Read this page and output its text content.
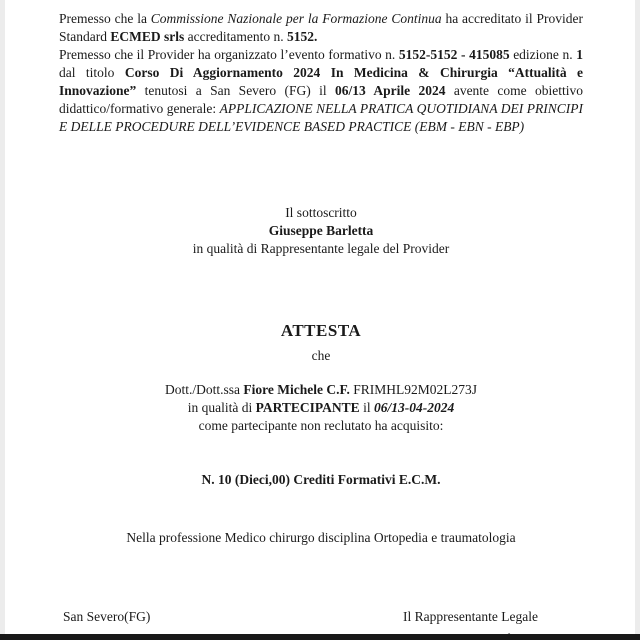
Premesso che la Commissione Nazionale per la Formazione Continua ha accreditato il Provider Standard ECMED srls accreditamento n. 5152.
Premesso che il Provider ha organizzato l’evento formativo n. 5152-5152 - 415085 edizione n. 1 dal titolo Corso Di Aggiornamento 2024 In Medicina & Chirurgia “Attualità e Innovazione” tenutosi a San Severo (FG) il 06/13 Aprile 2024 avente come obiettivo didattico/formativo generale: APPLICAZIONE NELLA PRATICA QUOTIDIANA DEI PRINCIPI E DELLE PROCEDURE DELL’EVIDENCE BASED PRACTICE (EBM - EBN - EBP)
Il sottoscritto
Giuseppe Barletta
in qualità di Rappresentante legale del Provider
ATTESTA
che
Dott./Dott.ssa Fiore Michele C.F. FRIMHL92M02L273J
in qualità di PARTECIPANTE il 06/13-04-2024
come partecipante non reclutato ha acquisito:
N. 10 (Dieci,00) Crediti Formativi E.C.M.
Nella professione Medico chirurgo disciplina Ortopedia e traumatologia
San Severo(FG)	Il Rappresentante Legale
